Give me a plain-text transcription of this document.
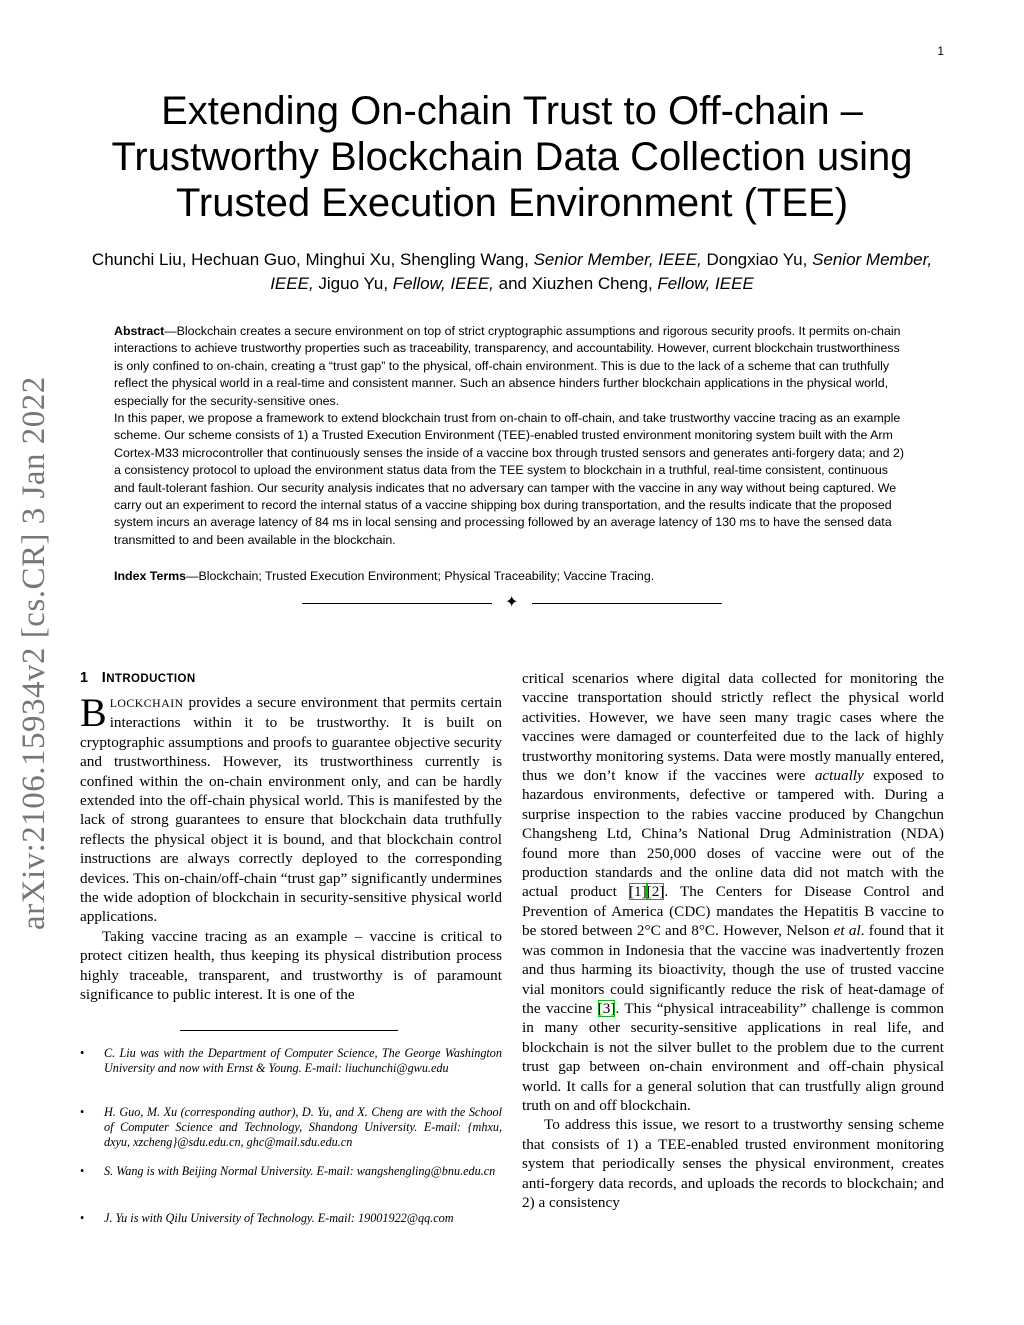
1
Extending On-chain Trust to Off-chain – Trustworthy Blockchain Data Collection using Trusted Execution Environment (TEE)
Chunchi Liu, Hechuan Guo, Minghui Xu, Shengling Wang, Senior Member, IEEE, Dongxiao Yu, Senior Member, IEEE, Jiguo Yu, Fellow, IEEE, and Xiuzhen Cheng, Fellow, IEEE

Abstract—Blockchain creates a secure environment on top of strict cryptographic assumptions and rigorous security proofs. It permits on-chain interactions to achieve trustworthy properties such as traceability, transparency, and accountability. However, current blockchain trustworthiness is only confined to on-chain, creating a “trust gap” to the physical, off-chain environment. This is due to the lack of a scheme that can truthfully reflect the physical world in a real-time and consistent manner. Such an absence hinders further blockchain applications in the physical world, especially for the security-sensitive ones.

In this paper, we propose a framework to extend blockchain trust from on-chain to off-chain, and take trustworthy vaccine tracing as an example scheme. Our scheme consists of 1) a Trusted Execution Environment (TEE)-enabled trusted environment monitoring system built with the Arm Cortex-M33 microcontroller that continuously senses the inside of a vaccine box through trusted sensors and generates anti-forgery data; and 2) a consistency protocol to upload the environment status data from the TEE system to blockchain in a truthful, real-time consistent, continuous and fault-tolerant fashion. Our security analysis indicates that no adversary can tamper with the vaccine in any way without being captured. We carry out an experiment to record the internal status of a vaccine shipping box during transportation, and the results indicate that the proposed system incurs an average latency of 84 ms in local sensing and processing followed by an average latency of 130 ms to have the sensed data transmitted to and been available in the blockchain.

Index Terms—Blockchain; Trusted Execution Environment; Physical Traceability; Vaccine Tracing.
✦
arXiv:2106.15934v2 [cs.CR] 3 Jan 2022 1 INTRODUCTION

BLOCKCHAIN provides a secure environment that permits certain interactions within it to be trustworthy. It is built on cryptographic assumptions and proofs to guarantee objective security and trustworthiness. However, its trustworthiness currently is confined within the on-chain environment only, and can be hardly extended into the off-chain physical world. This is manifested by the lack of strong guarantees to ensure that blockchain data truthfully reflects the physical object it is bound, and that blockchain control instructions are always correctly deployed to the corresponding devices. This on-chain/off-chain “trust gap” significantly undermines the wide adoption of blockchain in security-sensitive physical world applications.

Taking vaccine tracing as an example – vaccine is critical to protect citizen health, thus keeping its physical distribution process highly traceable, transparent, and trustworthy is of paramount significance to public interest. It is one of the

critical scenarios where digital data collected for monitoring the vaccine transportation should strictly reflect the physical world activities. However, we have seen many tragic cases where the vaccines were damaged or counterfeited due to the lack of highly trustworthy monitoring systems. Data were mostly manually entered, thus we don’t know if the vaccines were actually exposed to hazardous environments, defective or tampered with. During a surprise inspection to the rabies vaccine produced by Changchun Changsheng Ltd, China’s National Drug Administration (NDA) found more than 250,000 doses of vaccine were out of the production standards and the online data did not match with the actual product [1][2]. The Centers for Disease Control and Prevention of America (CDC) mandates the Hepatitis B vaccine to be stored between 2°C and 8°C. However, Nelson et al. found that it was common in Indonesia that the vaccine was inadvertently frozen and thus harming its bioactivity, though the use of trusted vaccine vial monitors could significantly reduce the risk of heat-damage of the vaccine [3]. This “physical intraceability” challenge is common in many other security-sensitive applications in real life, and blockchain is not the silver bullet to the problem due to the current trust gap between on-chain environment and off-chain physical world. It calls for a general solution that can trustfully align ground truth on and off blockchain.

To address this issue, we resort to a trustworthy sensing scheme that consists of 1) a TEE-enabled trusted environment monitoring system that periodically senses the physical environment, creates anti-forgery data records, and uploads the records to blockchain; and 2) a consistency

• C. Liu was with the Department of Computer Science, The George Washington University and now with Ernst & Young. E-mail: liuchunchi@gwu.edu
• H. Guo, M. Xu (corresponding author), D. Yu, and X. Cheng are with the School of Computer Science and Technology, Shandong University. E-mail: {mhxu, dxyu, xzcheng}@sdu.edu.cn, ghc@mail.sdu.edu.cn
• S. Wang is with Beijing Normal University. E-mail: wangshengling@bnu.edu.cn
• J. Yu is with Qilu University of Technology. E-mail: 19001922@qq.com
